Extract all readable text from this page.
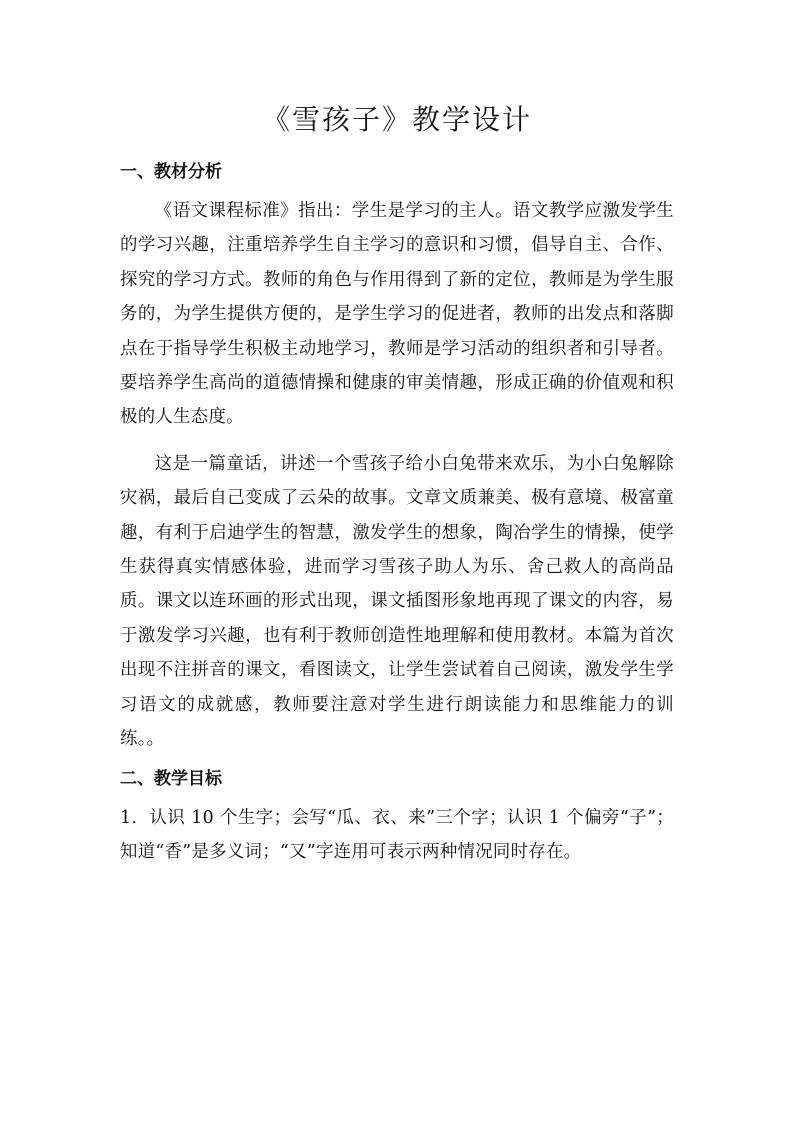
《雪孩子》教学设计

一、教材分析

《语文课程标准》指出：学生是学习的主人。语文教学应激发学生的学习兴趣，注重培养学生自主学习的意识和习惯，倡导自主、合作、探究的学习方式。教师的角色与作用得到了新的定位，教师是为学生服务的，为学生提供方便的，是学生学习的促进者，教师的出发点和落脚点在于指导学生积极主动地学习，教师是学习活动的组织者和引导者。要培养学生高尚的道德情操和健康的审美情趣，形成正确的价值观和积极的人生态度。

这是一篇童话，讲述一个雪孩子给小白兔带来欢乐，为小白兔解除灾祸，最后自己变成了云朵的故事。文章文质兼美、极有意境、极富童趣，有利于启迪学生的智慧，激发学生的想象，陶冶学生的情操，使学生获得真实情感体验，进而学习雪孩子助人为乐、舍己救人的高尚品质。课文以连环画的形式出现，课文插图形象地再现了课文的内容，易于激发学习兴趣，也有利于教师创造性地理解和使用教材。本篇为首次出现不注拼音的课文，看图读文，让学生尝试着自己阅读，激发学生学习语文的成就感，教师要注意对学生进行朗读能力和思维能力的训练。。

二、教学目标

1．认识 10 个生字；会写“瓜、衣、来”三个字；认识 1 个偏旁“子”；知道“香”是多义词；“又”字连用可表示两种情况同时存在。
